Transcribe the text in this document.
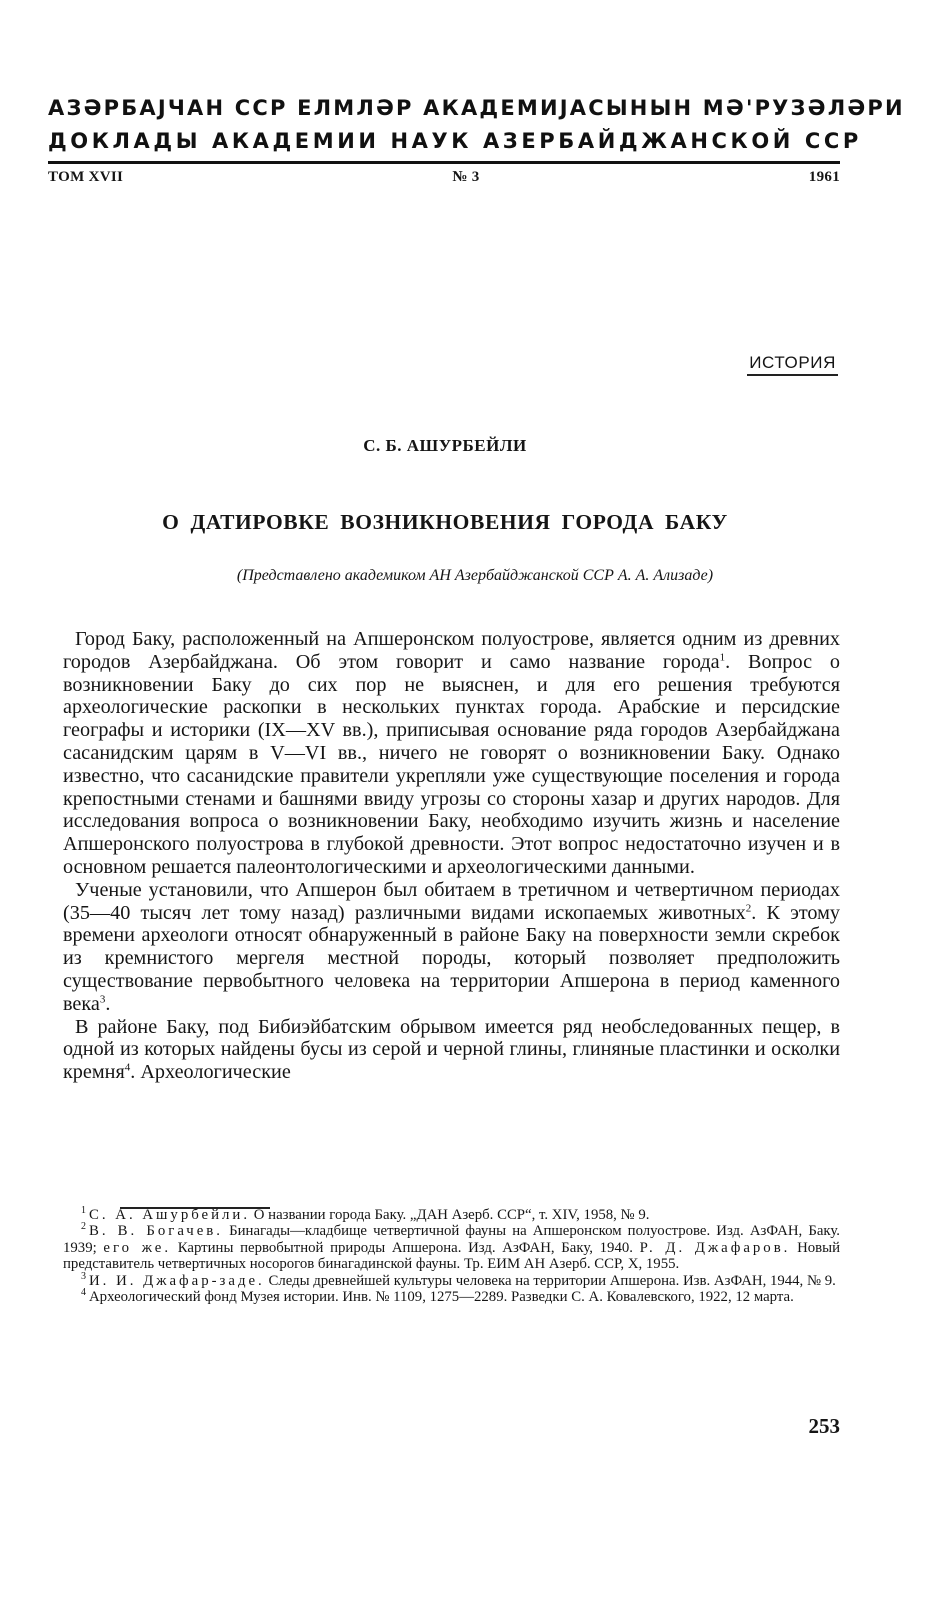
АЗӘРБАЈЧАН ССР ЕЛМЛӘР АКАДЕМИЈАСЫНЫН МӘ'РУЗӘЛӘРИ
ДОКЛАДЫ АКАДЕМИИ НАУК АЗЕРБАЙДЖАНСКОЙ ССР
ТОМ XVII	№ 3	1961
ИСТОРИЯ
С. Б. АШУРБЕЙЛИ
О ДАТИРОВКЕ ВОЗНИКНОВЕНИЯ ГОРОДА БАКУ
(Представлено академиком АН Азербайджанской ССР А. А. Ализаде)

Город Баку, расположенный на Апшеронском полуострове, является одним из древних городов Азербайджана. Об этом говорит и само название города$^1$. Вопрос о возникновении Баку до сих пор не выяснен, и для его решения требуются археологические раскопки в нескольких пунктах города. Арабские и персидские географы и историки (IX—XV вв.), приписывая основание ряда городов Азербайджана сасанидским царям в V—VI вв., ничего не говорят о возникновении Баку. Однако известно, что сасанидские правители укрепляли уже существующие поселения и города крепостными стенами и башнями ввиду угрозы со стороны хазар и других народов. Для исследования вопроса о возникновении Баку, необходимо изучить жизнь и население Апшеронского полуострова в глубокой древности. Этот вопрос недостаточно изучен и в основном решается палеонтологическими и археологическими данными.

Ученые установили, что Апшерон был обитаем в третичном и четвертичном периодах (35—40 тысяч лет тому назад) различными видами ископаемых животных$^2$. К этому времени археологи относят обнаруженный в районе Баку на поверхности земли скребок из кремнистого мергеля местной породы, который позволяет предположить существование первобытного человека на территории Апшерона в период каменного века$^3$.

В районе Баку, под Бибиэйбатским обрывом имеется ряд необследованных пещер, в одной из которых найдены бусы из серой и черной глины, глиняные пластинки и осколки кремня$^4$. Археологические

$^1$ С. А. Ашурбейли. О названии города Баку. „ДАН Азерб. ССР“, т. XIV, 1958, № 9.

$^2$ В. В. Богачев. Бинагады—кладбище четвертичной фауны на Апшеронском полуострове. Изд. АзФАН, Баку. 1939; его же. Картины первобытной природы Апшерона. Изд. АзФАН, Баку, 1940. Р. Д. Джафаров. Новый представитель четвертичных носорогов бинагадинской фауны. Тр. ЕИМ АН Азерб. ССР, X, 1955.

$^3$ И. И. Джафар-заде. Следы древнейшей культуры человека на территории Апшерона. Изв. АзФАН, 1944, № 9.

$^4$ Археологический фонд Музея истории. Инв. № 1109, 1275—2289. Разведки С. А. Ковалевского, 1922, 12 марта.

253
